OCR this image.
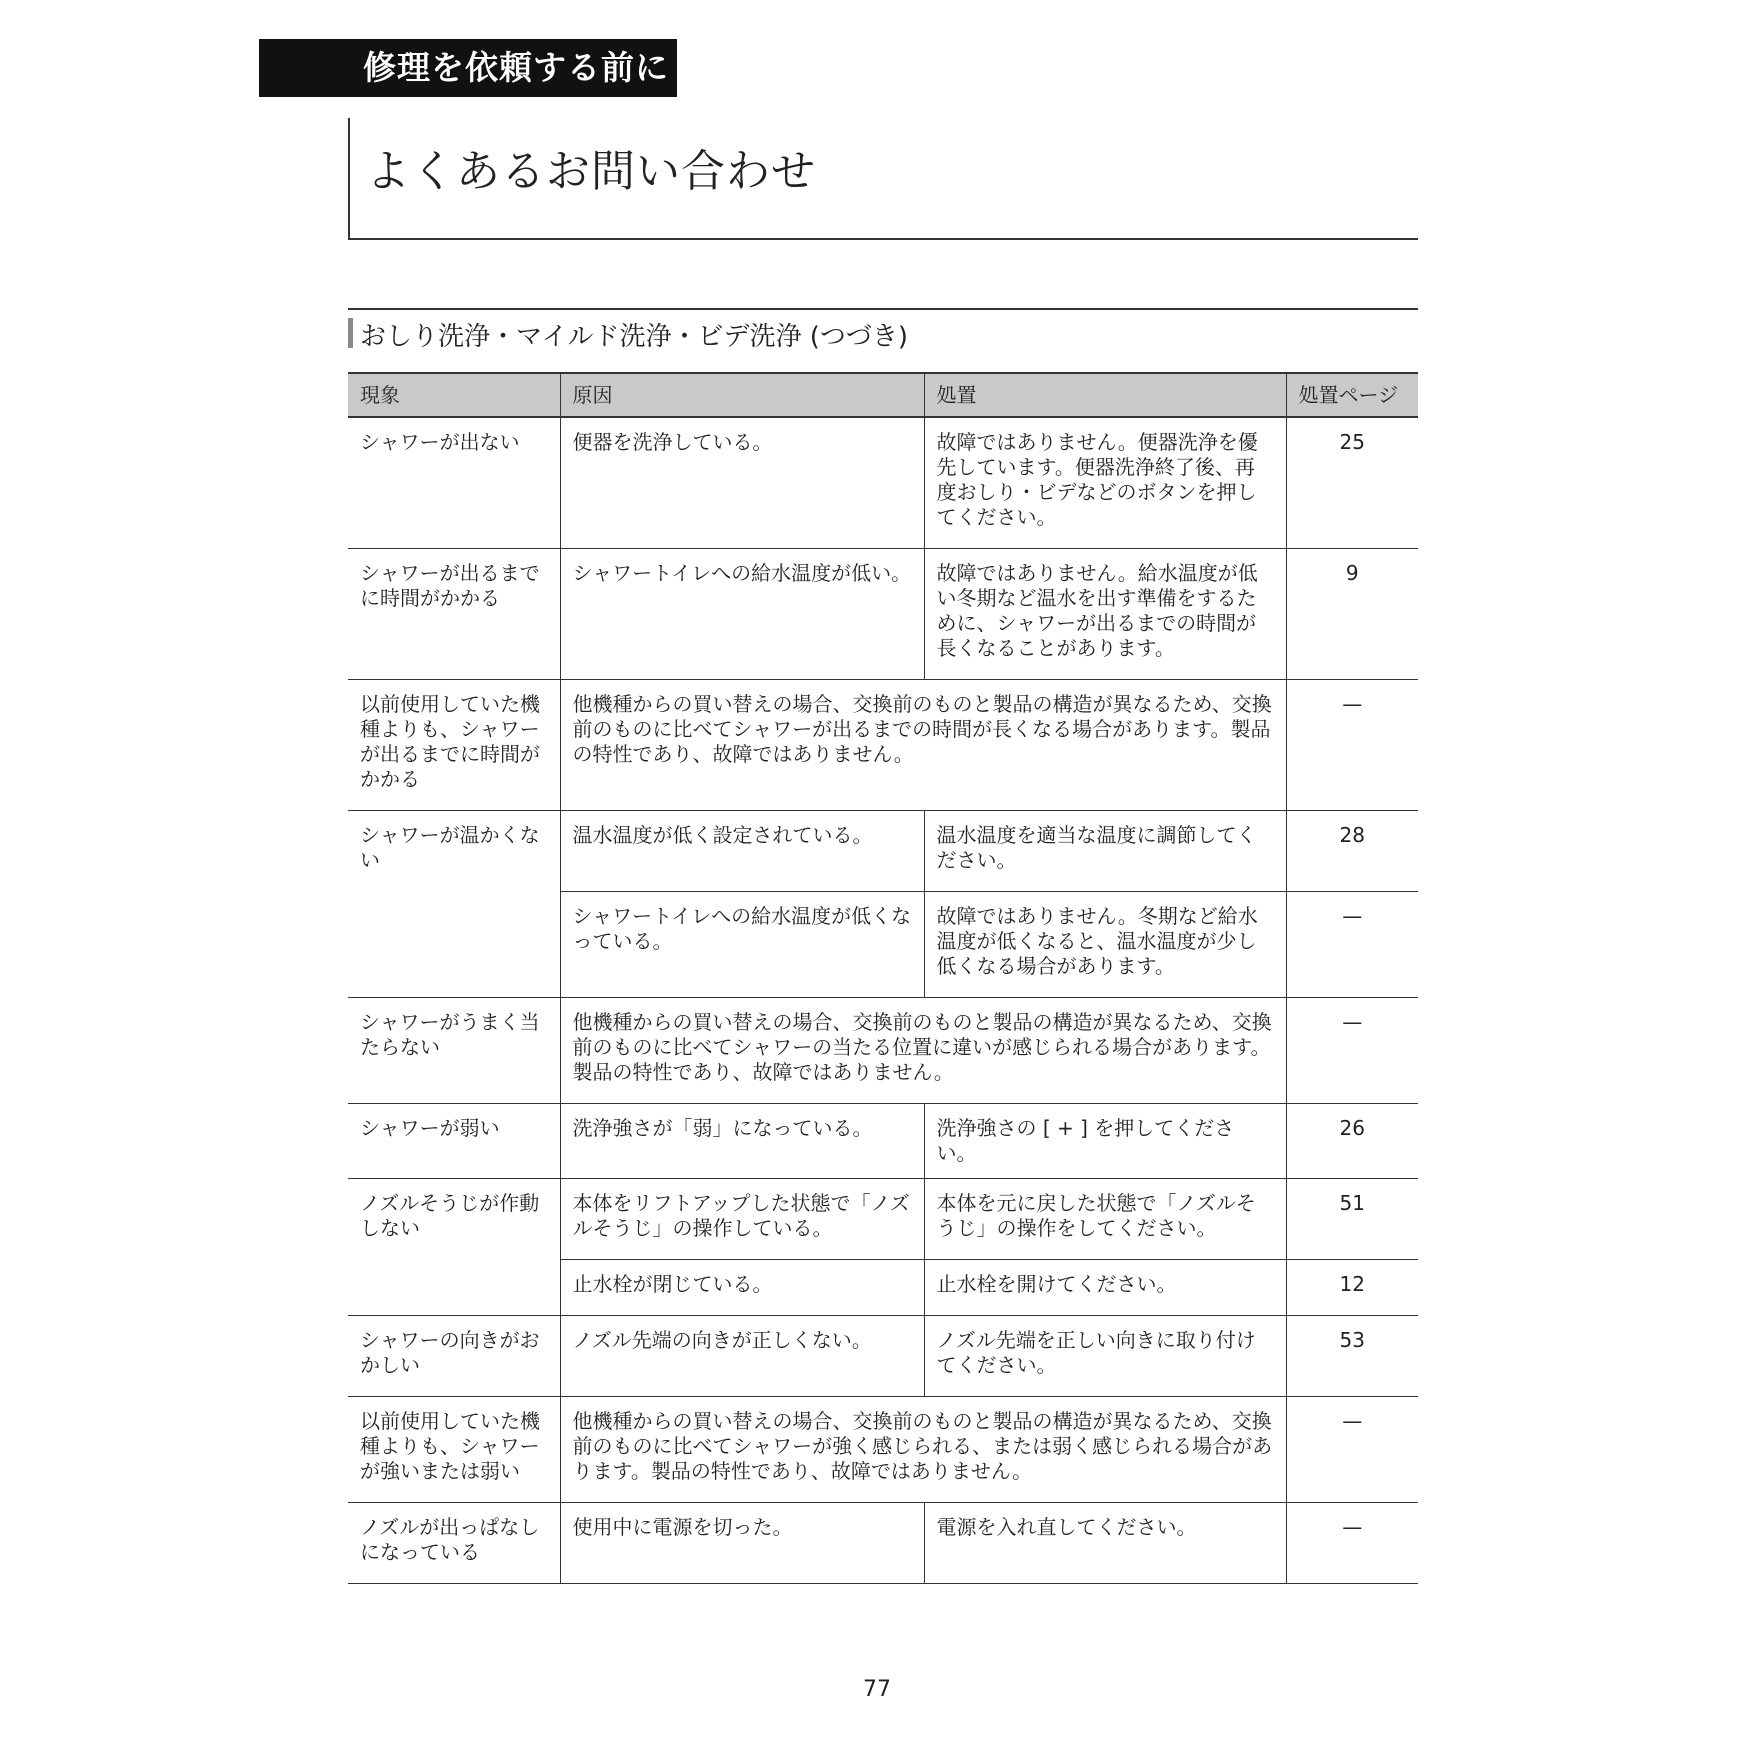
修理を依頼する前に
よくあるお問い合わせ
おしり洗浄・マイルド洗浄・ビデ洗浄 (つづき)
現象	原因	処置	処置ページ
シャワーが出ない	便器を洗浄している。	故障ではありません。便器洗浄を優先しています。便器洗浄終了後、再度おしり・ビデなどのボタンを押してください。	25
シャワーが出るまでに時間がかかる	シャワートイレへの給水温度が低い。	故障ではありません。給水温度が低い冬期など温水を出す準備をするために、シャワーが出るまでの時間が長くなることがあります。	9
以前使用していた機種よりも、シャワーが出るまでに時間がかかる	他機種からの買い替えの場合、交換前のものと製品の構造が異なるため、交換前のものに比べてシャワーが出るまでの時間が長くなる場合があります。製品の特性であり、故障ではありません。		—
シャワーが温かくない	温水温度が低く設定されている。	温水温度を適当な温度に調節してください。	28
	シャワートイレへの給水温度が低くなっている。	故障ではありません。冬期など給水温度が低くなると、温水温度が少し低くなる場合があります。	—
シャワーがうまく当たらない	他機種からの買い替えの場合、交換前のものと製品の構造が異なるため、交換前のものに比べてシャワーの当たる位置に違いが感じられる場合があります。製品の特性であり、故障ではありません。		—
シャワーが弱い	洗浄強さが「弱」になっている。	洗浄強さの [ + ] を押してください。	26
ノズルそうじが作動しない	本体をリフトアップした状態で「ノズルそうじ」の操作している。	本体を元に戻した状態で「ノズルそうじ」の操作をしてください。	51
	止水栓が閉じている。	止水栓を開けてください。	12
シャワーの向きがおかしい	ノズル先端の向きが正しくない。	ノズル先端を正しい向きに取り付けてください。	53
以前使用していた機種よりも、シャワーが強いまたは弱い	他機種からの買い替えの場合、交換前のものと製品の構造が異なるため、交換前のものに比べてシャワーが強く感じられる、または弱く感じられる場合があります。製品の特性であり、故障ではありません。		—
ノズルが出っぱなしになっている	使用中に電源を切った。	電源を入れ直してください。	—
77
